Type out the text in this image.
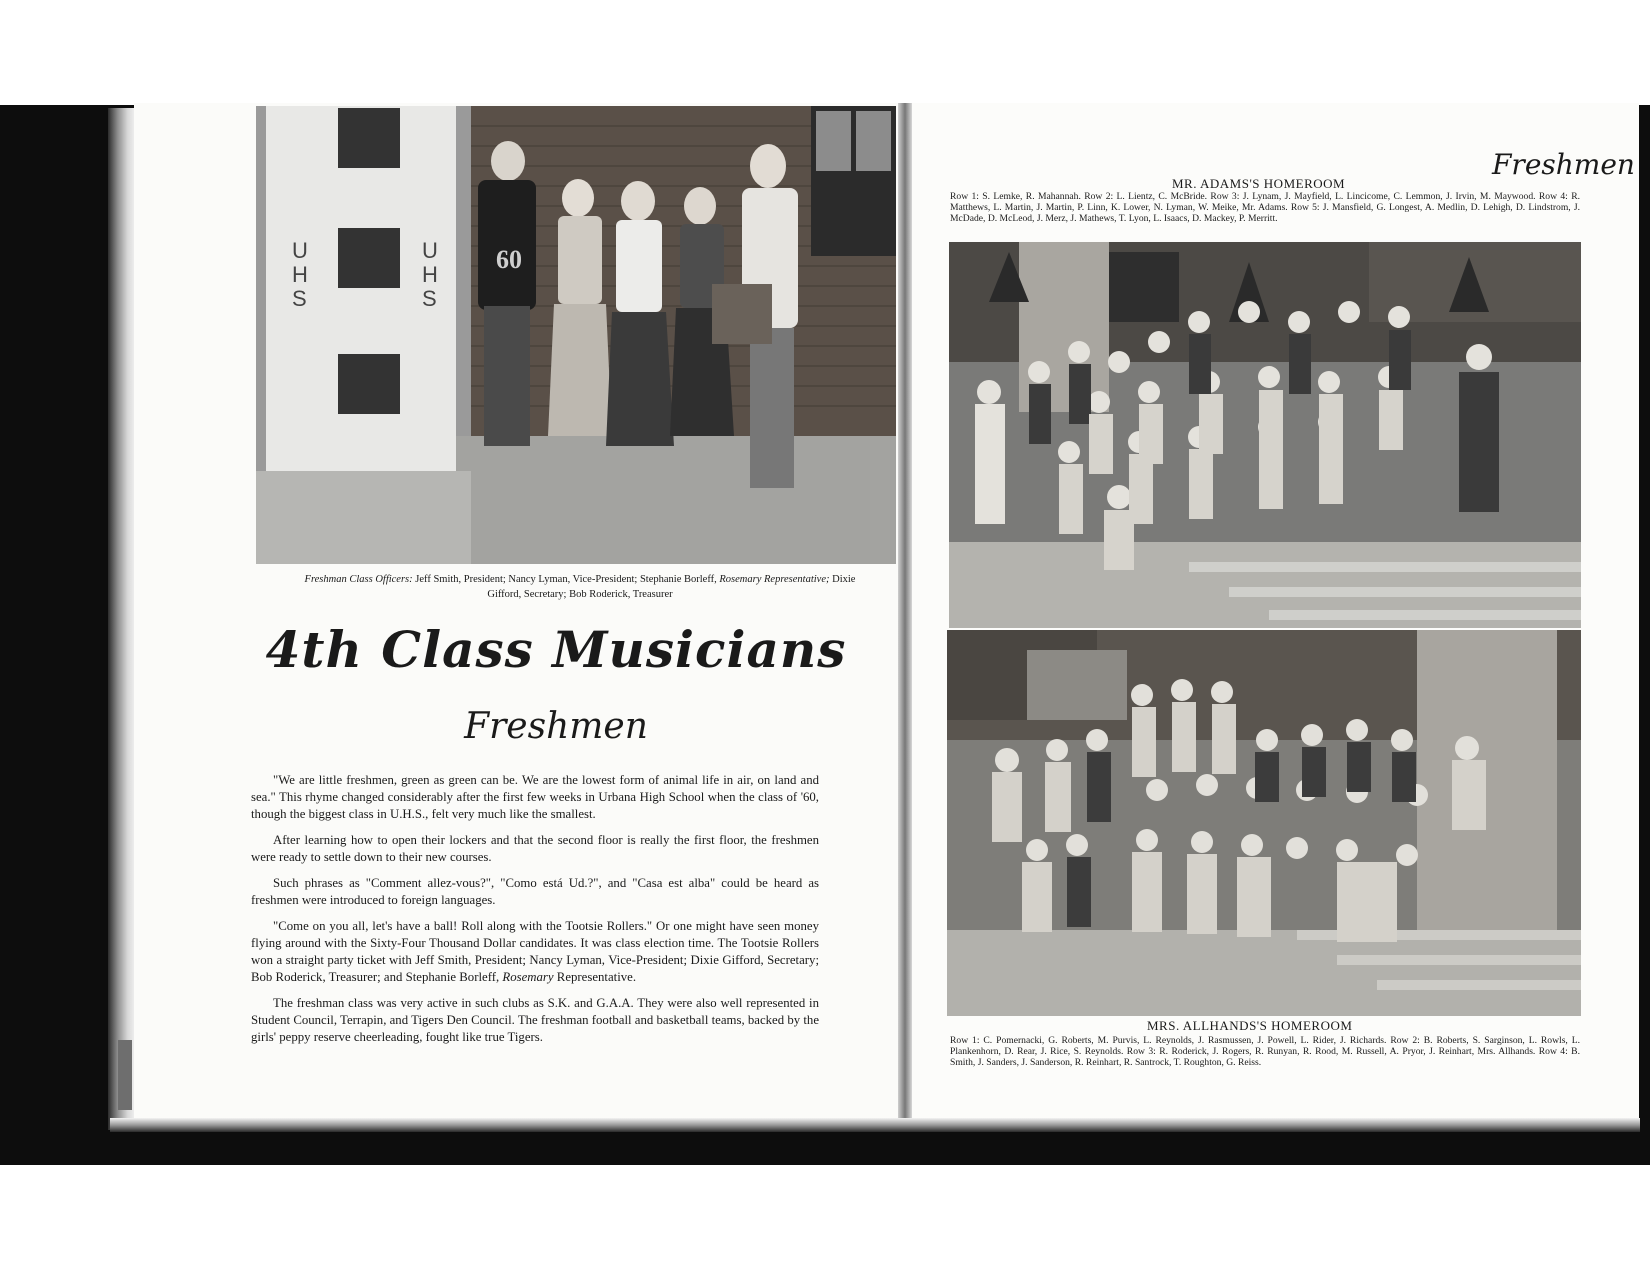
U H S
U H S
60
Freshman Class Officers: Jeff Smith, President; Nancy Lyman, Vice-President; Stephanie Borleff, Rosemary Representative; Dixie Gifford, Secretary; Bob Roderick, Treasurer
4th Class Musicians
Freshmen

"We are little freshmen, green as green can be. We are the lowest form of animal life in air, on land and sea." This rhyme changed considerably after the first few weeks in Urbana High School when the class of '60, though the biggest class in U.H.S., felt very much like the smallest.

After learning how to open their lockers and that the second floor is really the first floor, the freshmen were ready to settle down to their new courses.

Such phrases as "Comment allez-vous?", "Como está Ud.?", and "Casa est alba" could be heard as freshmen were introduced to foreign languages.

"Come on you all, let's have a ball! Roll along with the Tootsie Rollers." Or one might have seen money flying around with the Sixty-Four Thousand Dollar candidates. It was class election time. The Tootsie Rollers won a straight party ticket with Jeff Smith, President; Nancy Lyman, Vice-President; Dixie Gifford, Secretary; Bob Roderick, Treasurer; and Stephanie Borleff, Rosemary Representative.

The freshman class was very active in such clubs as S.K. and G.A.A. They were also well represented in Student Council, Terrapin, and Tigers Den Council. The freshman football and basketball teams, backed by the girls' peppy reserve cheerleading, fought like true Tigers.

Freshmen
MR. ADAMS'S HOMEROOM
Row 1: S. Lemke, R. Mahannah. Row 2: L. Lientz, C. McBride. Row 3: J. Lynam, J. Mayfield, L. Lincicome, C. Lemmon, J. Irvin, M. Maywood. Row 4: R. Matthews, L. Martin, J. Martin, P. Linn, K. Lower, N. Lyman, W. Meike, Mr. Adams. Row 5: J. Mansfield, G. Longest, A. Medlin, D. Lehigh, D. Lindstrom, J. McDade, D. McLeod, J. Merz, J. Mathews, T. Lyon, L. Isaacs, D. Mackey, P. Merritt.
MRS. ALLHANDS'S HOMEROOM
Row 1: C. Pomernacki, G. Roberts, M. Purvis, L. Reynolds, J. Rasmussen, J. Powell, L. Rider, J. Richards. Row 2: B. Roberts, S. Sarginson, L. Rowls, L. Plankenhorn, D. Rear, J. Rice, S. Reynolds. Row 3: R. Roderick, J. Rogers, R. Runyan, R. Rood, M. Russell, A. Pryor, J. Reinhart, Mrs. Allhands. Row 4: B. Smith, J. Sanders, J. Sanderson, R. Reinhart, R. Santrock, T. Roughton, G. Reiss.
